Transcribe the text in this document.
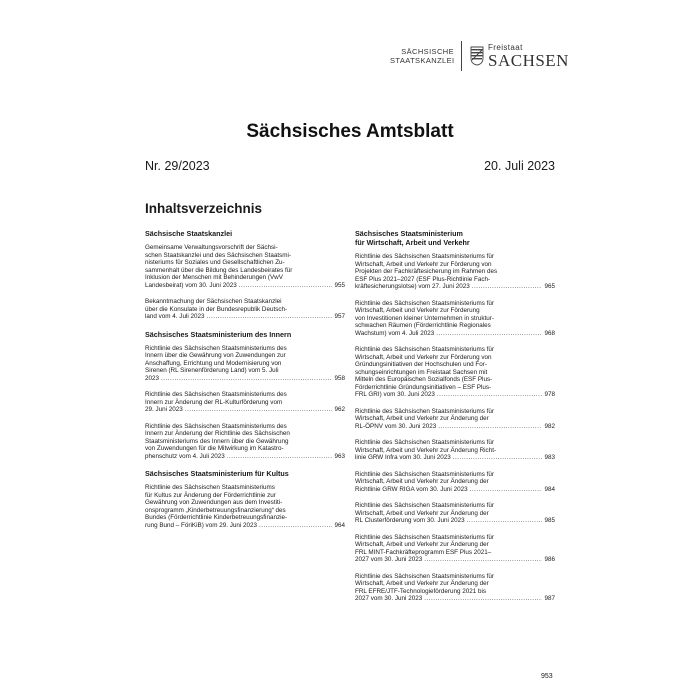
SÄCHSISCHE
STAATSKANZLEI
Freistaat
SACHSEN
Sächsisches Amtsblatt
Nr. 29/2023	20. Juli 2023
Inhaltsverzeichnis
Sächsische Staatskanzlei
Gemeinsame Verwaltungsvorschrift der Sächsi-
schen Staatskanzlei und des Sächsischen Staatsmi-
nisteriums für Soziales und Gesellschaftlichen Zu-
sammenhalt über die Bildung des Landesbeirates für
Inklusion der Menschen mit Behinderungen (VwV
Landesbeirat) vom 30. Juni 2023 .....	955
Bekanntmachung der Sächsischen Staatskanzlei
über die Konsulate in der Bundesrepublik Deutsch-
land vom 4. Juli 2023 .....	957
Sächsisches Staatsministerium des Innern
Richtlinie des Sächsischen Staatsministeriums des
Innern über die Gewährung von Zuwendungen zur
Anschaffung, Errichtung und Modernisierung von
Sirenen (RL Sirenenförderung Land) vom 5. Juli
2023 .....	958
Richtlinie des Sächsischen Staatsministeriums des
Innern zur Änderung der RL-Kulturförderung vom
29. Juni 2023 .....	962
Richtlinie des Sächsischen Staatsministeriums des
Innern zur Änderung der Richtlinie des Sächsischen
Staatsministeriums des Innern über die Gewährung
von Zuwendungen für die Mitwirkung im Katastro-
phenschutz vom 4. Juli 2023 .....	963
Sächsisches Staatsministerium für Kultus
Richtlinie des Sächsischen Staatsministeriums
für Kultus zur Änderung der Förderrichtlinie zur
Gewährung von Zuwendungen aus dem Investiti-
onsprogramm „Kinderbetreuungsfinanzierung“ des
Bundes (Förderrichtlinie Kinderbetreuungsfinanzie-
rung Bund – FöriKiB) vom 29. Juni 2023 .....	964
Sächsisches Staatsministerium
für Wirtschaft, Arbeit und Verkehr
Richtlinie des Sächsischen Staatsministeriums für
Wirtschaft, Arbeit und Verkehr zur Förderung von
Projekten der Fachkräftesicherung im Rahmen des
ESF Plus 2021–2027 (ESF Plus-Richtlinie Fach-
kräftesicherungslotse) vom 27. Juni 2023 .....	965
Richtlinie des Sächsischen Staatsministeriums für
Wirtschaft, Arbeit und Verkehr zur Förderung
von Investitionen kleiner Unternehmen in struktur-
schwachen Räumen (Förderrichtlinie Regionales
Wachstum) vom 4. Juli 2023 .....	968
Richtlinie des Sächsischen Staatsministeriums für
Wirtschaft, Arbeit und Verkehr zur Förderung von
Gründungsinitiativen der Hochschulen und For-
schungseinrichtungen im Freistaat Sachsen mit
Mitteln des Europäischen Sozialfonds (ESF Plus-
Förderrichtlinie Gründungsinitiativen – ESF Plus-
FRL GRI) vom 30. Juni 2023 .....	978
Richtlinie des Sächsischen Staatsministeriums für
Wirtschaft, Arbeit und Verkehr zur Änderung der
RL-ÖPNV vom 30. Juni 2023 .....	982
Richtlinie des Sächsischen Staatsministeriums für
Wirtschaft, Arbeit und Verkehr zur Änderung Richt-
linie GRW Infra vom 30. Juni 2023 .....	983
Richtlinie des Sächsischen Staatsministeriums für
Wirtschaft, Arbeit und Verkehr zur Änderung der
Richtlinie GRW RIGA vom 30. Juni 2023 .....	984
Richtlinie des Sächsischen Staatsministeriums für
Wirtschaft, Arbeit und Verkehr zur Änderung der
RL Clusterförderung vom 30. Juni 2023 .....	985
Richtlinie des Sächsischen Staatsministeriums für
Wirtschaft, Arbeit und Verkehr zur Änderung der
FRL MINT-Fachkräfteprogramm ESF Plus 2021–
2027 vom 30. Juni 2023 .....	986
Richtlinie des Sächsischen Staatsministeriums für
Wirtschaft, Arbeit und Verkehr zur Änderung der
FRL EFRE/JTF-Technologieförderung 2021 bis
2027 vom 30. Juni 2023 .....	987
953
